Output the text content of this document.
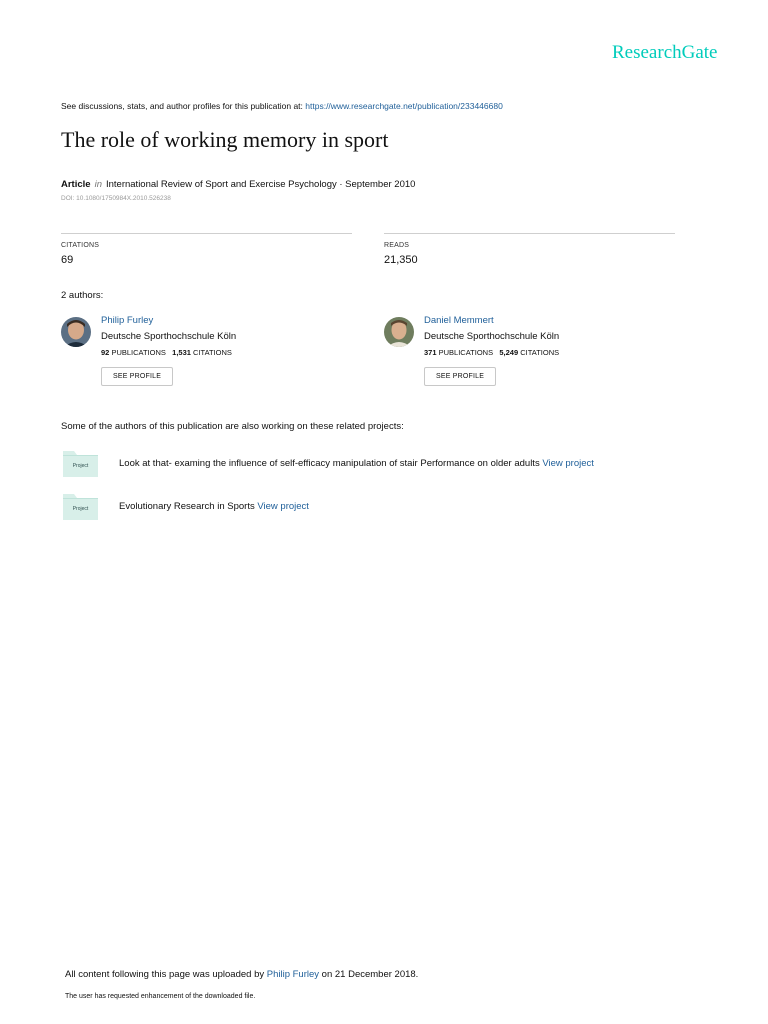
ResearchGate
See discussions, stats, and author profiles for this publication at: https://www.researchgate.net/publication/233446680
The role of working memory in sport
Article in International Review of Sport and Exercise Psychology · September 2010
DOI: 10.1080/1750984X.2010.526238
CITATIONS
69
READS
21,350
2 authors:
Philip Furley
Deutsche Sporthochschule Köln
92 PUBLICATIONS 1,531 CITATIONS
SEE PROFILE
Daniel Memmert
Deutsche Sporthochschule Köln
371 PUBLICATIONS 5,249 CITATIONS
SEE PROFILE
Some of the authors of this publication are also working on these related projects:
Project	Look at that- examing the influence of self-efficacy manipulation of stair Performance on older adults View project
Project	Evolutionary Research in Sports View project
All content following this page was uploaded by Philip Furley on 21 December 2018.
The user has requested enhancement of the downloaded file.
